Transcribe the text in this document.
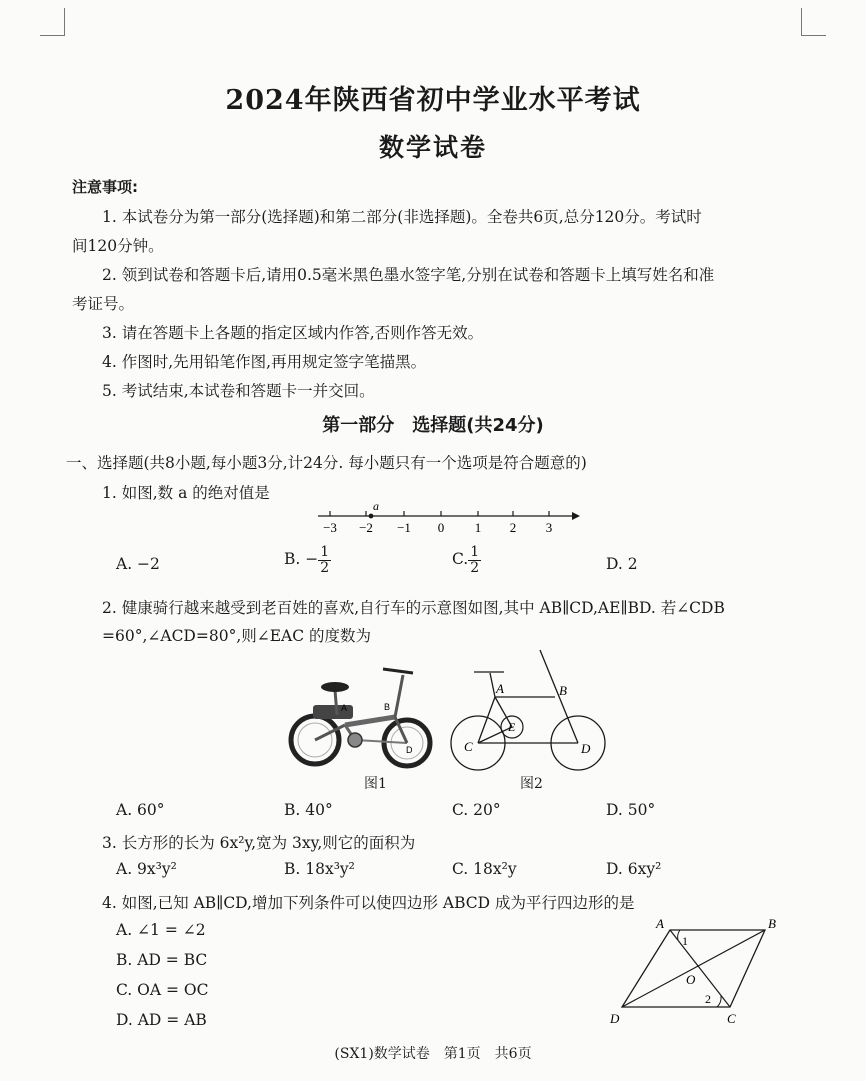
2024年陕西省初中学业水平考试
数学试卷
注意事项:
1. 本试卷分为第一部分(选择题)和第二部分(非选择题)。全卷共6页,总分120分。考试时
间120分钟。
2. 领到试卷和答题卡后,请用0.5毫米黑色墨水签字笔,分别在试卷和答题卡上填写姓名和准
考证号。
3. 请在答题卡上各题的指定区域内作答,否则作答无效。
4. 作图时,先用铅笔作图,再用规定签字笔描黑。
5. 考试结束,本试卷和答题卡一并交回。
第一部分　选择题(共24分)
一、选择题(共8小题,每小题3分,计24分. 每小题只有一个选项是符合题意的)
1. 如图,数 a 的绝对值是
a
−3 −2 −1 0 1 2 3
A. −2	B. − $\frac{1}{2}$	C. $\frac{1}{2}$	D. 2
2. 健康骑行越来越受到老百姓的喜欢,自行车的示意图如图,其中 AB∥CD,AE∥BD. 若∠CDB
=60°,∠ACD=80°,则∠EAC 的度数为
A	B
D
图1
A	B
C	D
E
图2
A. 60°	B. 40°	C. 20°	D. 50°
3. 长方形的长为 6x²y,宽为 3xy,则它的面积为
A. 9x³y²	B. 18x³y²	C. 18x²y	D. 6xy²
4. 如图,已知 AB∥CD,增加下列条件可以使四边形 ABCD 成为平行四边形的是
A. ∠1 = ∠2
B. AD = BC
C. OA = OC
D. AD = AB
A	B
C
D
O
1
2
(SX1)数学试卷　第1页　共6页
